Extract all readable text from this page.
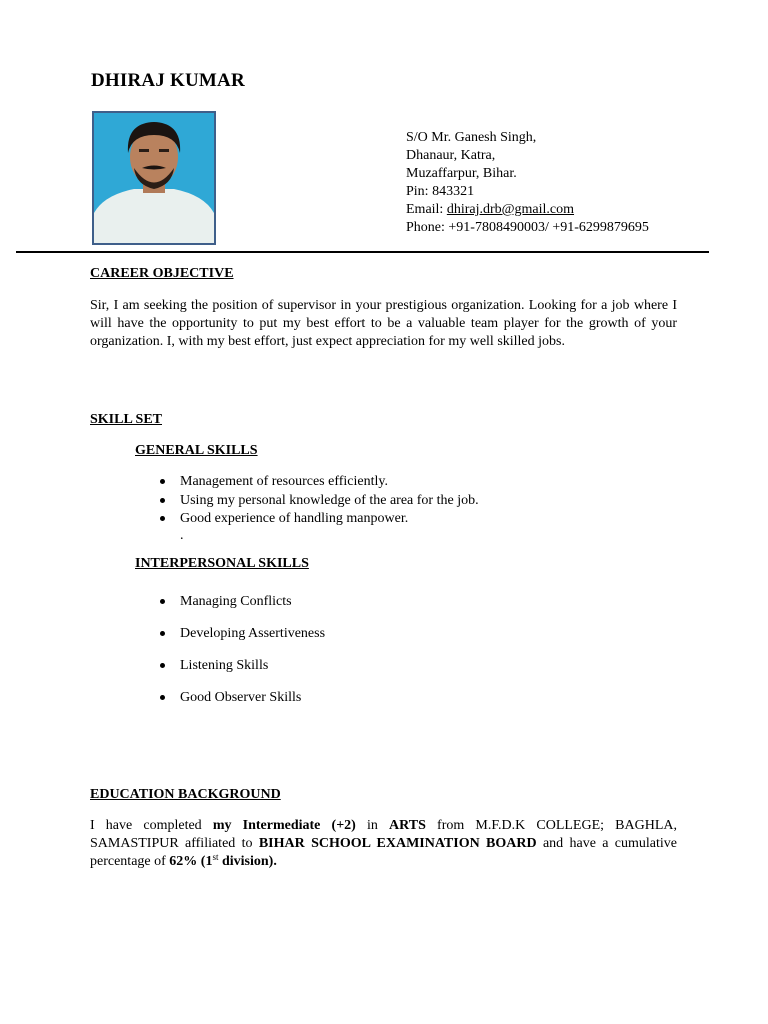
DHIRAJ KUMAR
S/O Mr. Ganesh Singh,
Dhanaur, Katra,
Muzaffarpur, Bihar.
Pin: 843321
Email: dhiraj.drb@gmail.com
Phone: +91-7808490003/ +91-6299879695
CAREER OBJECTIVE

Sir, I am seeking the position of supervisor in your prestigious organization. Looking for a job where I will have the opportunity to put my best effort to be a valuable team player for the growth of your organization. I, with my best effort, just expect appreciation for my well skilled jobs.

SKILL SET
GENERAL SKILLS
Management of resources efficiently.
Using my personal knowledge of the area for the job.
Good experience of handling manpower.
.
INTERPERSONAL SKILLS
Managing Conflicts
Developing Assertiveness
Listening Skills
Good Observer Skills
EDUCATION BACKGROUND

I have completed my Intermediate (+2) in ARTS from M.F.D.K COLLEGE; BAGHLA, SAMASTIPUR affiliated to BIHAR SCHOOL EXAMINATION BOARD and have a cumulative percentage of 62% (1st division).
